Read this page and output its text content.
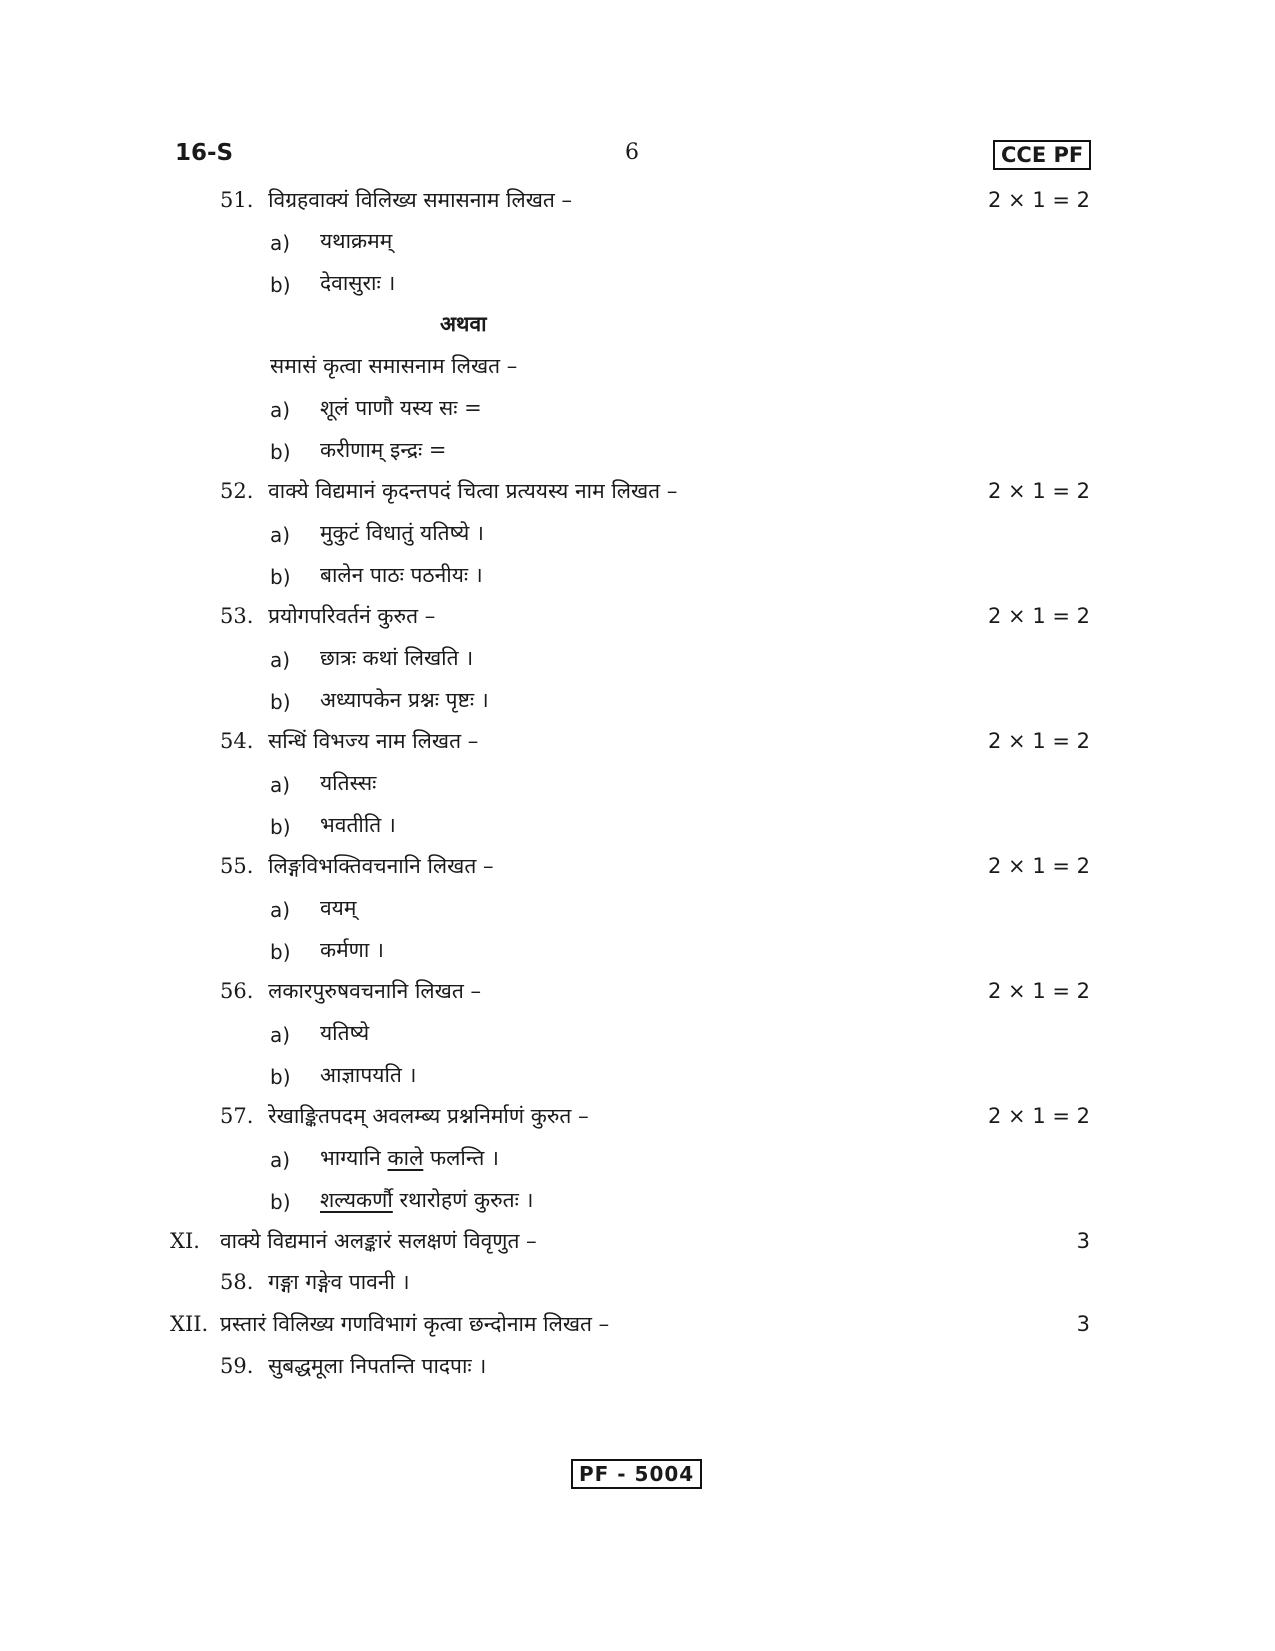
16-S	6	CCE PF
51. विग्रहवाक्यं विलिख्य समासनाम लिखत –	2 × 1 = 2
a) यथाक्रमम्
b) देवासुराः ।
अथवा
समासं कृत्वा समासनाम लिखत –
a) शूलं पाणौ यस्य सः =
b) करीणाम् इन्द्रः =
52. वाक्ये विद्यमानं कृदन्तपदं चित्वा प्रत्ययस्य नाम लिखत –	2 × 1 = 2
a) मुकुटं विधातुं यतिष्ये ।
b) बालेन पाठः पठनीयः ।
53. प्रयोगपरिवर्तनं कुरुत –	2 × 1 = 2
a) छात्रः कथां लिखति ।
b) अध्यापकेन प्रश्नः पृष्टः ।
54. सन्धिं विभज्य नाम लिखत –	2 × 1 = 2
a) यतिस्सः
b) भवतीति ।
55. लिङ्गविभक्तिवचनानि लिखत –	2 × 1 = 2
a) वयम्
b) कर्मणा ।
56. लकारपुरुषवचनानि लिखत –	2 × 1 = 2
a) यतिष्ये
b) आज्ञापयति ।
57. रेखाङ्कितपदम् अवलम्ब्य प्रश्ननिर्माणं कुरुत –	2 × 1 = 2
a) भाग्यानि काले फलन्ति ।
b) शल्यकर्णौ रथारोहणं कुरुतः ।
XI. वाक्ये विद्यमानं अलङ्कारं सलक्षणं विवृणुत –	3
58. गङ्गा गङ्गेव पावनी ।
XII. प्रस्तारं विलिख्य गणविभागं कृत्वा छन्दोनाम लिखत –	3
59. सुबद्धमूला निपतन्ति पादपाः ।
PF - 5004
